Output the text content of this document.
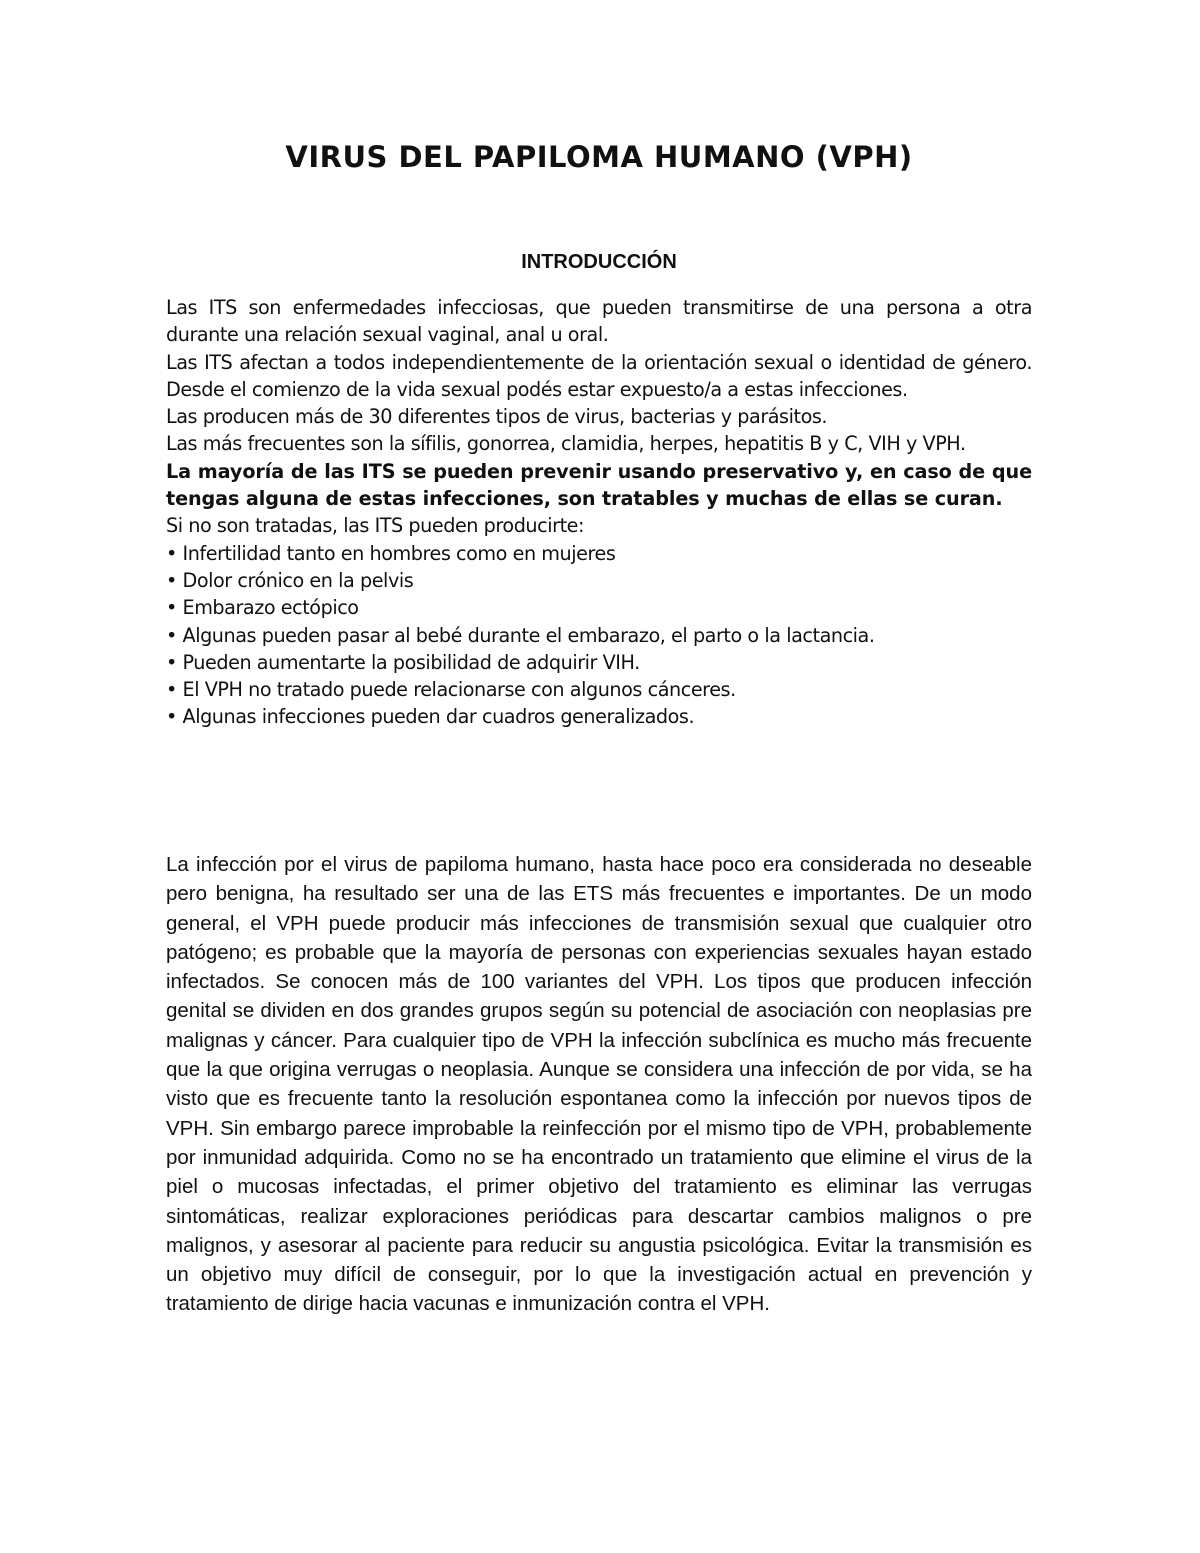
VIRUS DEL PAPILOMA HUMANO (VPH)
INTRODUCCIÓN

Las ITS son enfermedades infecciosas, que pueden transmitirse de una persona a otra durante una relación sexual vaginal, anal u oral.

Las ITS afectan a todos independientemente de la orientación sexual o identidad de género. Desde el comienzo de la vida sexual podés estar expuesto/a a estas infecciones.

Las producen más de 30 diferentes tipos de virus, bacterias y parásitos.

Las más frecuentes son la sífilis, gonorrea, clamidia, herpes, hepatitis B y C, VIH y VPH.

La mayoría de las ITS se pueden prevenir usando preservativo y, en caso de que tengas alguna de estas infecciones, son tratables y muchas de ellas se curan.

Si no son tratadas, las ITS pueden producirte:

• Infertilidad tanto en hombres como en mujeres
• Dolor crónico en la pelvis
• Embarazo ectópico
• Algunas pueden pasar al bebé durante el embarazo, el parto o la lactancia.
• Pueden aumentarte la posibilidad de adquirir VIH.
• El VPH no tratado puede relacionarse con algunos cánceres.
• Algunas infecciones pueden dar cuadros generalizados.

La infección por el virus de papiloma humano, hasta hace poco era considerada no deseable pero benigna, ha resultado ser una de las ETS más frecuentes e importantes. De un modo general, el VPH puede producir más infecciones de transmisión sexual que cualquier otro patógeno; es probable que la mayoría de personas con experiencias sexuales hayan estado infectados. Se conocen más de 100 variantes del VPH. Los tipos que producen infección genital se dividen en dos grandes grupos según su potencial de asociación con neoplasias pre malignas y cáncer. Para cualquier tipo de VPH la infección subclínica es mucho más frecuente que la que origina verrugas o neoplasia. Aunque se considera una infección de por vida, se ha visto que es frecuente tanto la resolución espontanea como la infección por nuevos tipos de VPH. Sin embargo parece improbable la reinfección por el mismo tipo de VPH, probablemente por inmunidad adquirida. Como no se ha encontrado un tratamiento que elimine el virus de la piel o mucosas infectadas, el primer objetivo del tratamiento es eliminar las verrugas sintomáticas, realizar exploraciones periódicas para descartar cambios malignos o pre malignos, y asesorar al paciente para reducir su angustia psicológica. Evitar la transmisión es un objetivo muy difícil de conseguir, por lo que la investigación actual en prevención y tratamiento de dirige hacia vacunas e inmunización contra el VPH.
